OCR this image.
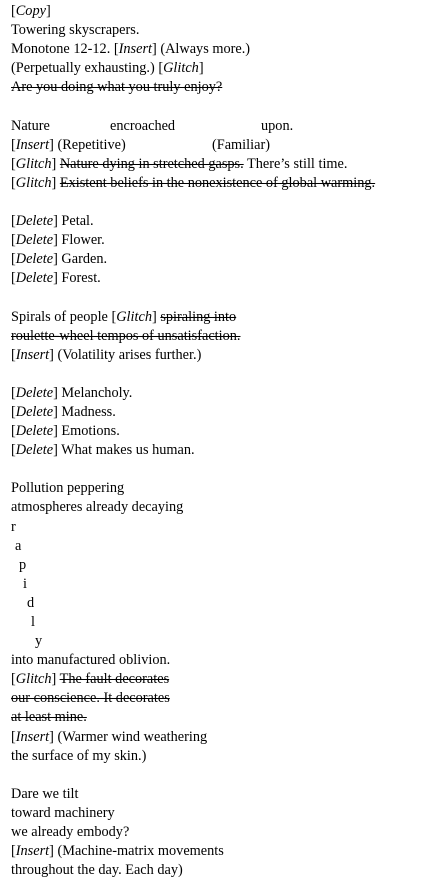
[Copy]
Towering skyscrapers.
Monotone 12-12. [Insert] (Always more.)
(Perpetually exhausting.) [Glitch]
Are you doing what you truly enjoy?
Nature	encroached	upon.
[Insert] (Repetitive)	(Familiar)
[Glitch] Nature dying in stretched gasps. There’s still time.
[Glitch] Existent beliefs in the nonexistence of global warming.
[Delete] Petal.
[Delete] Flower.
[Delete] Garden.
[Delete] Forest.
Spirals of people [Glitch] spiraling into
roulette-wheel tempos of unsatisfaction.
[Insert] (Volatility arises further.)
[Delete] Melancholy.
[Delete] Madness.
[Delete] Emotions.
[Delete] What makes us human.
Pollution peppering
atmospheres already decaying
r
a
p
i
d
l
y
into manufactured oblivion.
[Glitch] The fault decorates
our conscience. It decorates
at least mine.
[Insert] (Warmer wind weathering
the surface of my skin.)
Dare we tilt
toward machinery
we already embody?
[Insert] (Machine-matrix movements
throughout the day. Each day)
